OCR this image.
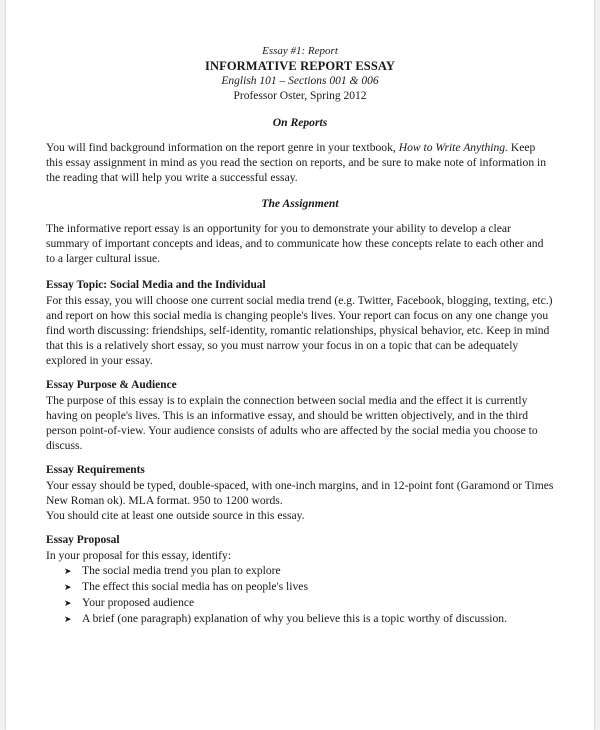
Essay #1: Report
INFORMATIVE REPORT ESSAY
English 101 – Sections 001 & 006
Professor Oster, Spring 2012
On Reports

You will find background information on the report genre in your textbook, How to Write Anything. Keep this essay assignment in mind as you read the section on reports, and be sure to make note of information in the reading that will help you write a successful essay.

The Assignment

The informative report essay is an opportunity for you to demonstrate your ability to develop a clear summary of important concepts and ideas, and to communicate how these concepts relate to each other and to a larger cultural issue.

Essay Topic: Social Media and the Individual

For this essay, you will choose one current social media trend (e.g. Twitter, Facebook, blogging, texting, etc.) and report on how this social media is changing people's lives. Your report can focus on any one change you find worth discussing: friendships, self-identity, romantic relationships, physical behavior, etc. Keep in mind that this is a relatively short essay, so you must narrow your focus in on a topic that can be adequately explored in your essay.

Essay Purpose & Audience

The purpose of this essay is to explain the connection between social media and the effect it is currently having on people's lives. This is an informative essay, and should be written objectively, and in the third person point-of-view. Your audience consists of adults who are affected by the social media you choose to discuss.

Essay Requirements

Your essay should be typed, double-spaced, with one-inch margins, and in 12-point font (Garamond or Times New Roman ok). MLA format. 950 to 1200 words.

You should cite at least one outside source in this essay.

Essay Proposal

In your proposal for this essay, identify:

➤ The social media trend you plan to explore
➤ The effect this social media has on people's lives
➤ Your proposed audience
➤ A brief (one paragraph) explanation of why you believe this is a topic worthy of discussion.
